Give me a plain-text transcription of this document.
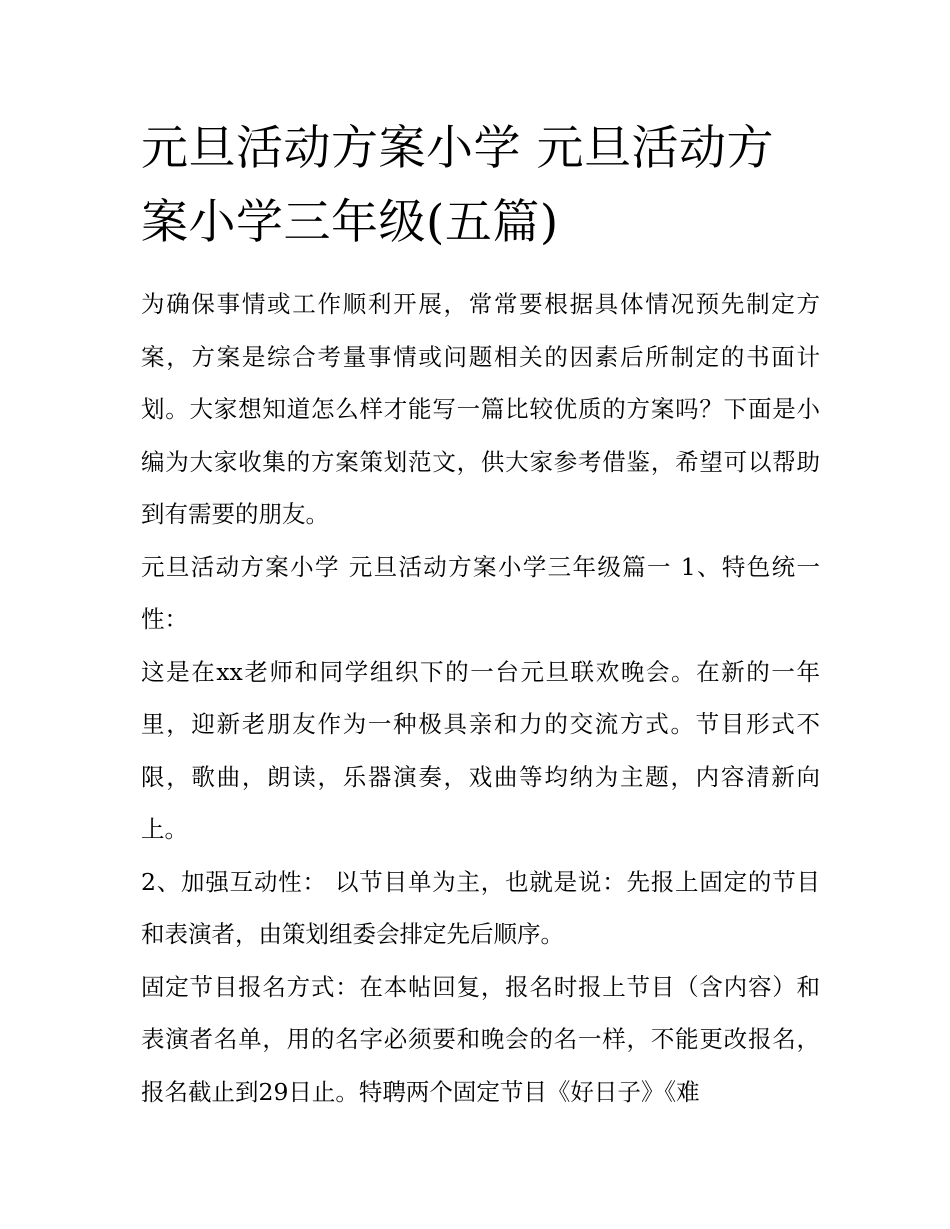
元旦活动方案小学 元旦活动方案小学三年级(五篇)

为确保事情或工作顺利开展，常常要根据具体情况预先制定方案，方案是综合考量事情或问题相关的因素后所制定的书面计划。大家想知道怎么样才能写一篇比较优质的方案吗？下面是小编为大家收集的方案策划范文，供大家参考借鉴，希望可以帮助到有需要的朋友。

元旦活动方案小学 元旦活动方案小学三年级篇一 1、特色统一性：

这是在xx老师和同学组织下的一台元旦联欢晚会。在新的一年里，迎新老朋友作为一种极具亲和力的交流方式。节目形式不限，歌曲，朗读，乐器演奏，戏曲等均纳为主题，内容清新向上。

2、加强互动性： 以节目单为主，也就是说：先报上固定的节目和表演者，由策划组委会排定先后顺序。

固定节目报名方式：在本帖回复，报名时报上节目（含内容）和表演者名单，用的名字必须要和晚会的名一样，不能更改报名，报名截止到29日止。特聘两个固定节目《好日子》《难
